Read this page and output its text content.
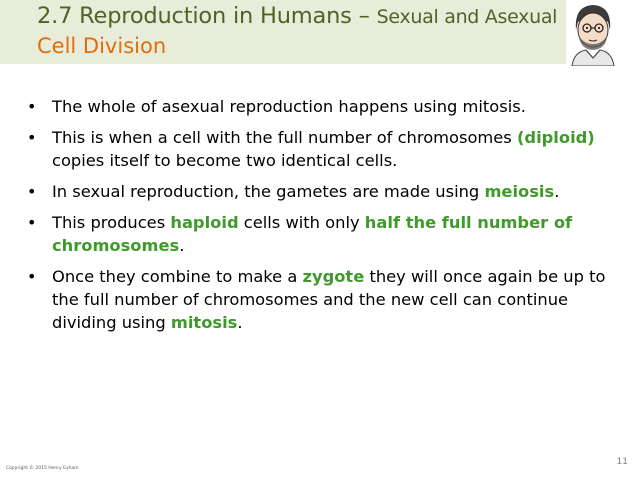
2.7 Reproduction in Humans – Sexual and Asexual
Cell Division
• The whole of asexual reproduction happens using mitosis.
• This is when a cell with the full number of chromosomes (diploid) copies itself to become two identical cells.
• In sexual reproduction, the gametes are made using meiosis.
• This produces haploid cells with only half the full number of chromosomes.
• Once they combine to make a zygote they will once again be up to the full number of chromosomes and the new cell can continue dividing using mitosis.
11
Copyright © 2015 Henry Exham
